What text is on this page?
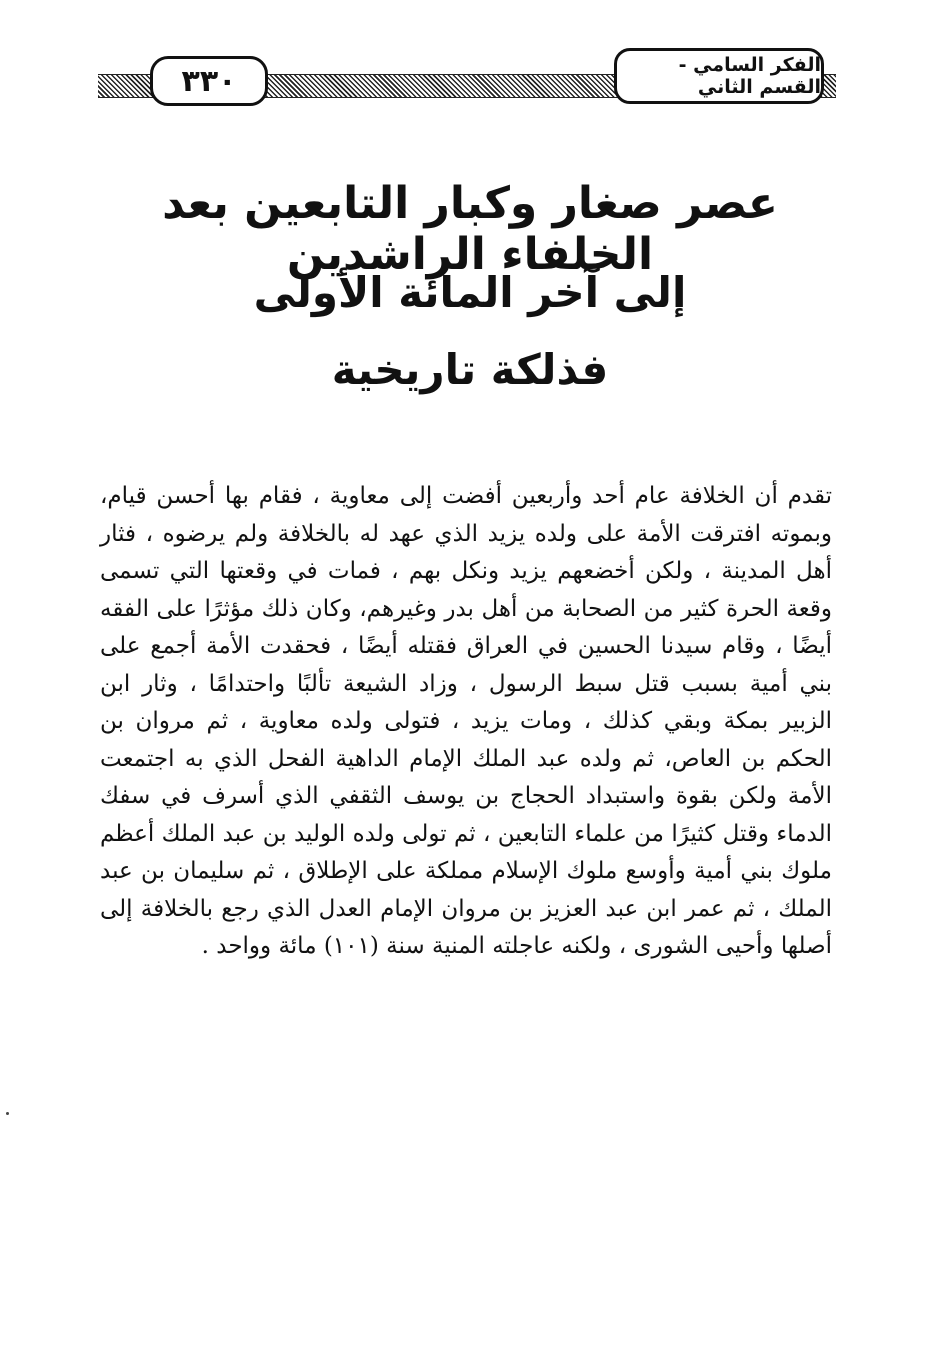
٣٣٠	الفكر السامي - القسم الثاني
عصر صغار وكبار التابعين بعد الخلفاء الراشدين
إلى آخر المائة الأولى
فذلكة تاريخية
تقدم أن الخلافة عام أحد وأربعين أفضت إلى معاوية ، فقام بها أحسن قيام، وبموته افترقت الأمة على ولده يزيد الذي عهد له بالخلافة ولم يرضوه ، فثار أهل المدينة ، ولكن أخضعهم يزيد ونكل بهم ، فمات في وقعتها التي تسمى وقعة الحرة كثير من الصحابة من أهل بدر وغيرهم، وكان ذلك مؤثرًا على الفقه أيضًا ، وقام سيدنا الحسين في العراق فقتله أيضًا ، فحقدت الأمة أجمع على بني أمية بسبب قتل سبط الرسول ، وزاد الشيعة تألبًا واحتدامًا ، وثار ابن الزبير بمكة وبقي كذلك ، ومات يزيد ، فتولى ولده معاوية ، ثم مروان بن الحكم بن العاص، ثم ولده عبد الملك الإمام الداهية الفحل الذي به اجتمعت الأمة ولكن بقوة واستبداد الحجاج بن يوسف الثقفي الذي أسرف في سفك الدماء وقتل كثيرًا من علماء التابعين ، ثم تولى ولده الوليد بن عبد الملك أعظم ملوك بني أمية وأوسع ملوك الإسلام مملكة على الإطلاق ، ثم سليمان بن عبد الملك ، ثم عمر ابن عبد العزيز بن مروان الإمام العدل الذي رجع بالخلافة إلى أصلها وأحيى الشورى ، ولكنه عاجلته المنية سنة (١٠١) مائة وواحد .
